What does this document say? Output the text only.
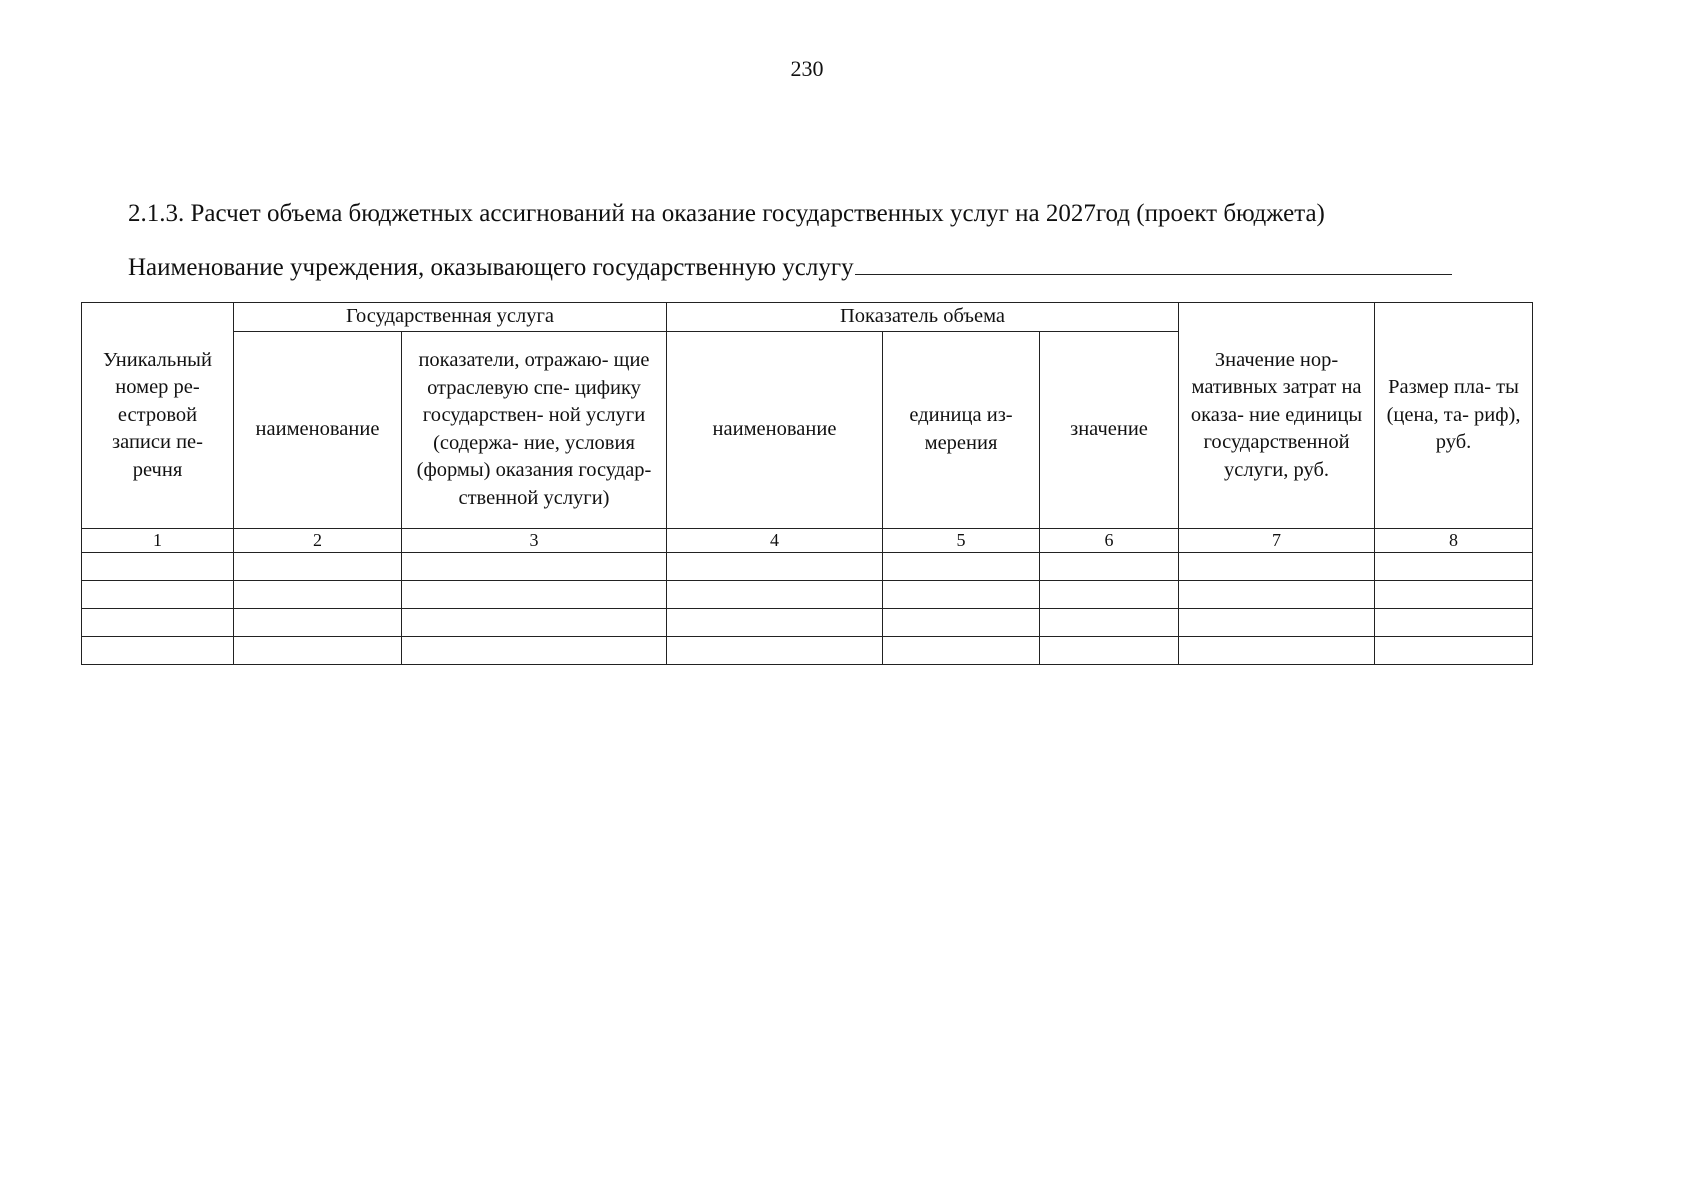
230
2.1.3. Расчет объема бюджетных ассигнований на оказание государственных услуг на 2027год (проект бюджета)
Наименование учреждения, оказывающего государственную услугу
Уникальный номер ре- естровой записи пе- речня	Государственная услуга		Показатель объема			Значение нор- мативных затрат на оказа- ние единицы государственной услуги, руб.	Размер пла- ты (цена, та- риф), руб.
	наименование	показатели, отражаю- щие отраслевую спе- цифику государствен- ной услуги (содержа- ние, условия (формы) оказания государ- ственной услуги)	наименование	единица из- мерения	значение		
1	2	3	4	5	6	7	8
